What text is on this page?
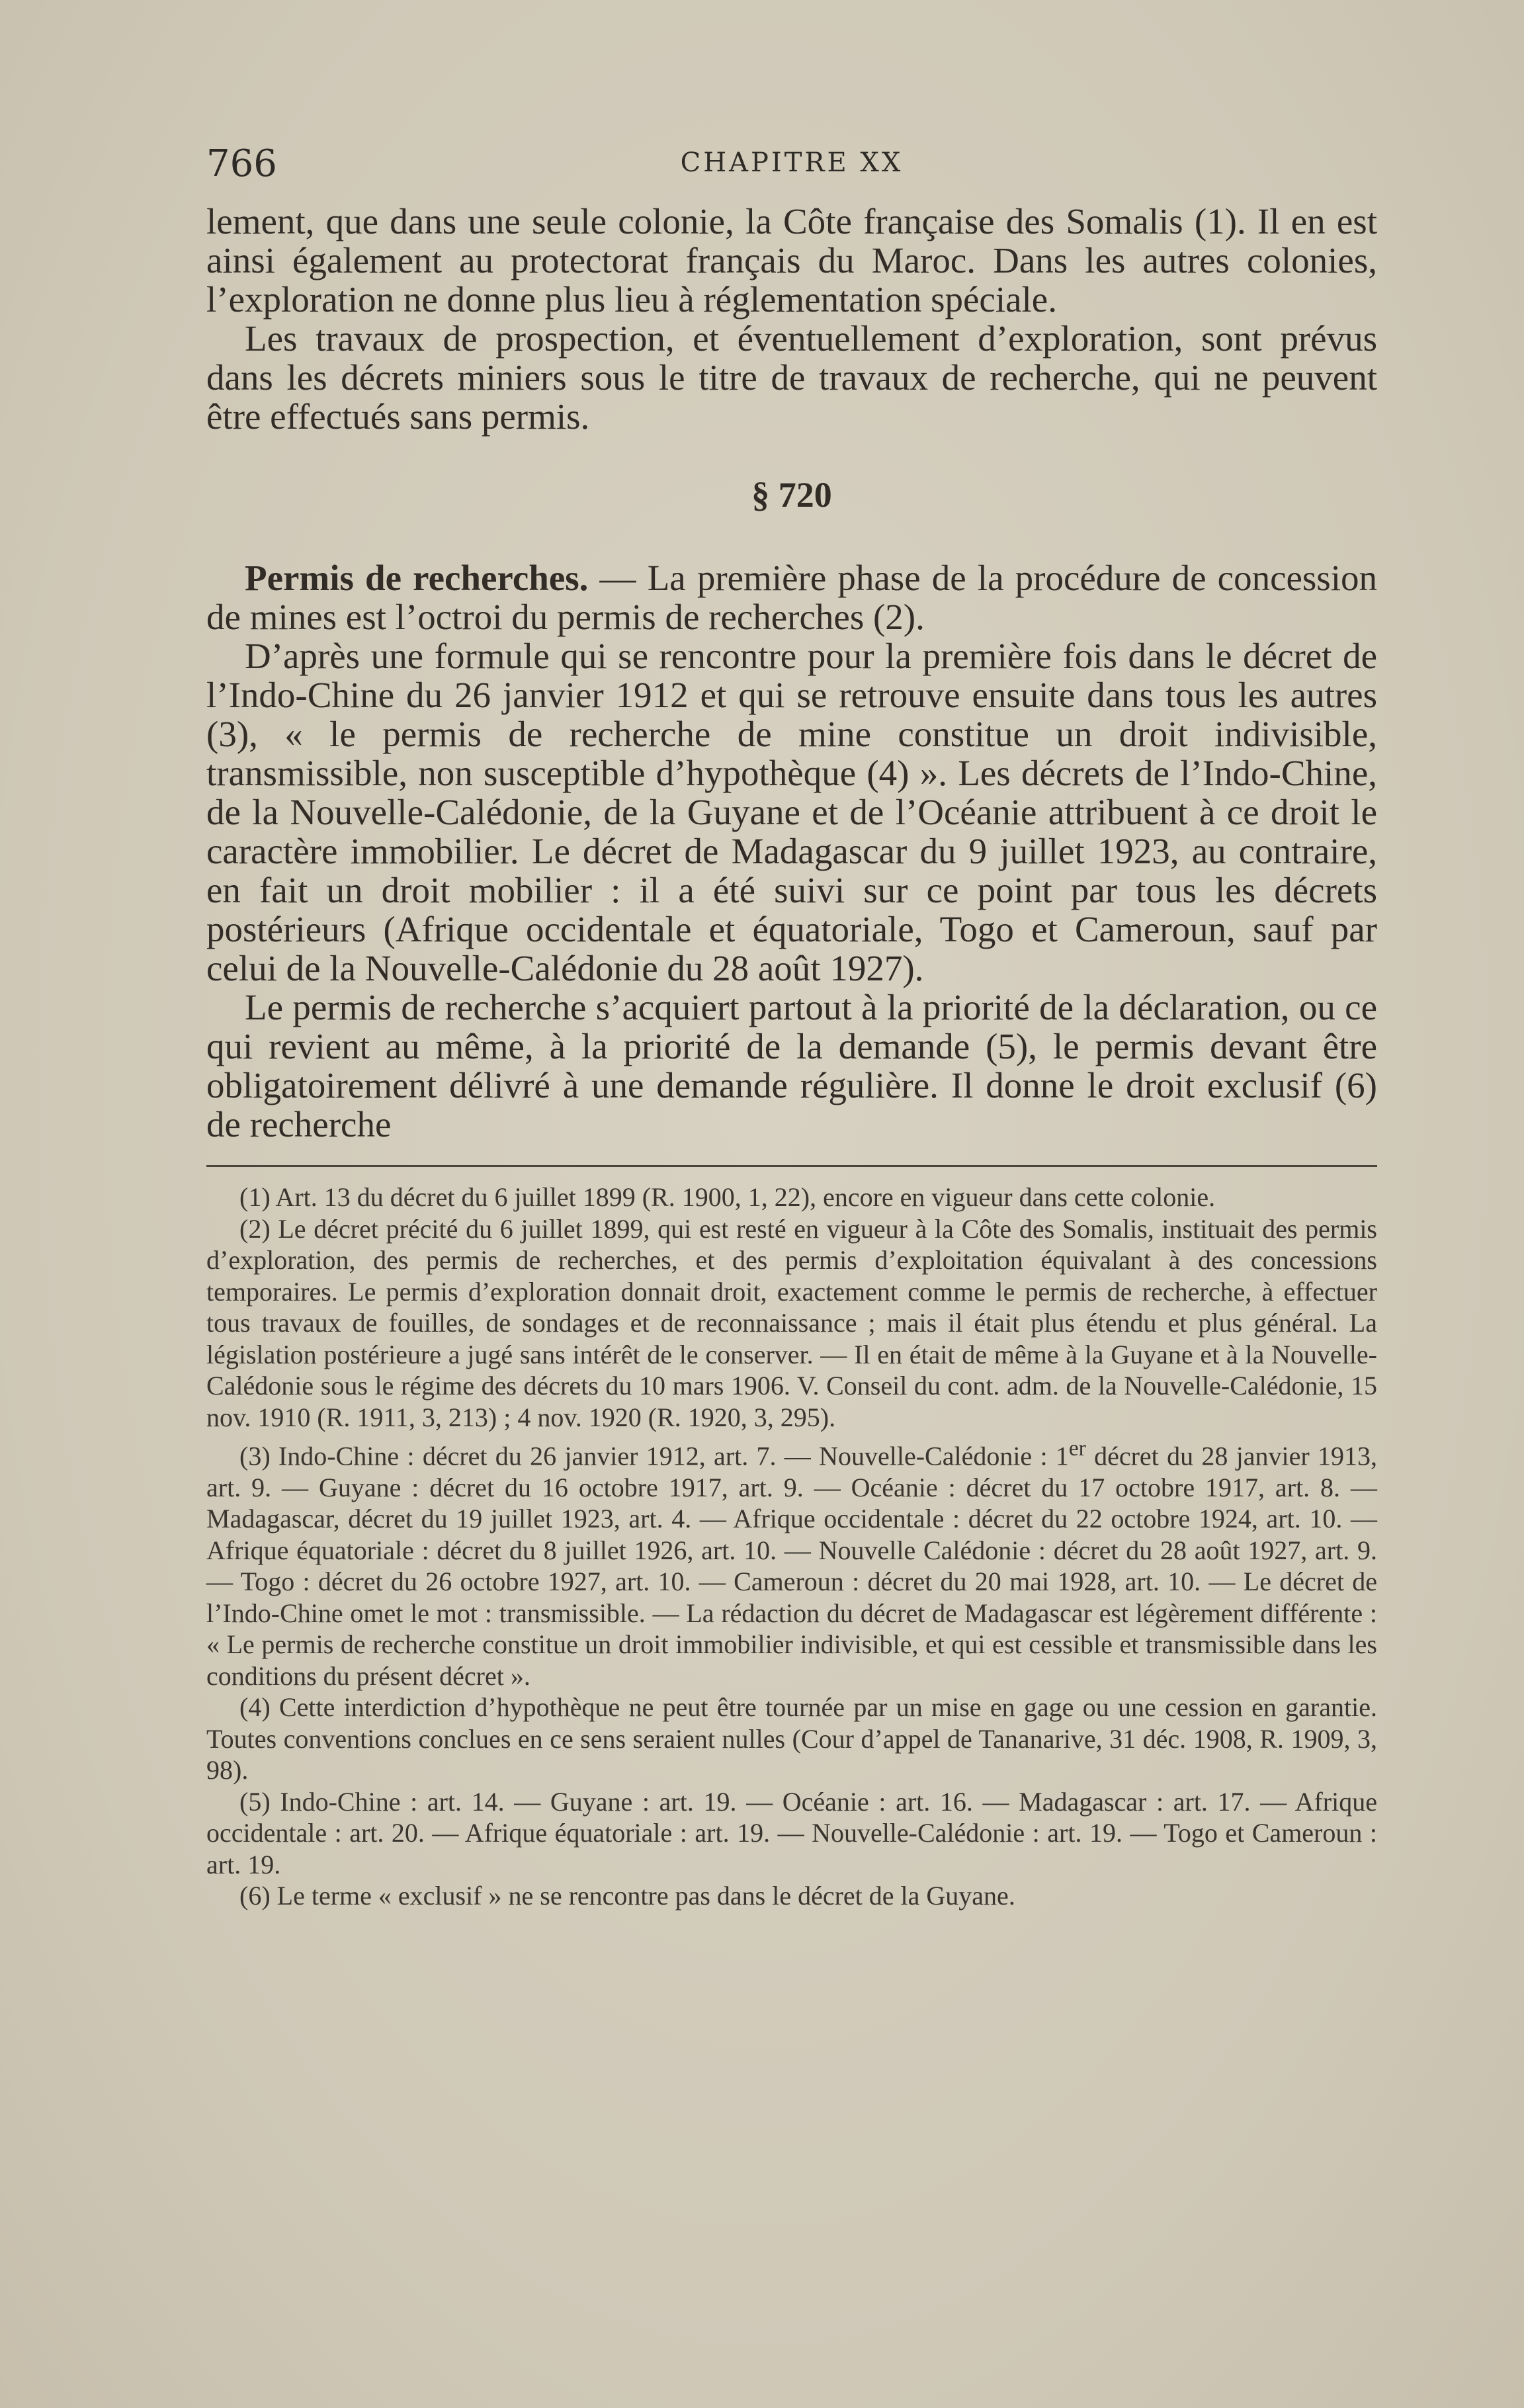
766	CHAPITRE XX

lement, que dans une seule colonie, la Côte française des Somalis (1). Il en est ainsi également au protectorat français du Maroc. Dans les autres colonies, l’exploration ne donne plus lieu à réglementation spéciale.

Les travaux de prospection, et éventuellement d’exploration, sont prévus dans les décrets miniers sous le titre de travaux de recherche, qui ne peuvent être effectués sans permis.

§ 720

Permis de recherches. — La première phase de la procédure de concession de mines est l’octroi du permis de recherches (2).

D’après une formule qui se rencontre pour la première fois dans le décret de l’Indo-Chine du 26 janvier 1912 et qui se retrouve ensuite dans tous les autres (3), « le permis de recherche de mine constitue un droit indivisible, transmissible, non susceptible d’hypothèque (4) ». Les décrets de l’Indo-Chine, de la Nouvelle-Calédonie, de la Guyane et de l’Océanie attribuent à ce droit le caractère immobilier. Le décret de Madagascar du 9 juillet 1923, au contraire, en fait un droit mobilier : il a été suivi sur ce point par tous les décrets postérieurs (Afrique occidentale et équatoriale, Togo et Cameroun, sauf par celui de la Nouvelle-Calédonie du 28 août 1927).

Le permis de recherche s’acquiert partout à la priorité de la déclaration, ou ce qui revient au même, à la priorité de la demande (5), le permis devant être obligatoirement délivré à une demande régulière. Il donne le droit exclusif (6) de recherche

(1) Art. 13 du décret du 6 juillet 1899 (R. 1900, 1, 22), encore en vigueur dans cette colonie.

(2) Le décret précité du 6 juillet 1899, qui est resté en vigueur à la Côte des Somalis, instituait des permis d’exploration, des permis de recherches, et des permis d’exploitation équivalant à des concessions temporaires. Le permis d’exploration donnait droit, exactement comme le permis de recherche, à effectuer tous travaux de fouilles, de sondages et de reconnaissance ; mais il était plus étendu et plus général. La législation postérieure a jugé sans intérêt de le conserver. — Il en était de même à la Guyane et à la Nouvelle-Calédonie sous le régime des décrets du 10 mars 1906. V. Conseil du cont. adm. de la Nouvelle-Calédonie, 15 nov. 1910 (R. 1911, 3, 213) ; 4 nov. 1920 (R. 1920, 3, 295).

(3) Indo-Chine : décret du 26 janvier 1912, art. 7. — Nouvelle-Calédonie : 1er décret du 28 janvier 1913, art. 9. — Guyane : décret du 16 octobre 1917, art. 9. — Océanie : décret du 17 octobre 1917, art. 8. — Madagascar, décret du 19 juillet 1923, art. 4. — Afrique occidentale : décret du 22 octobre 1924, art. 10. — Afrique équatoriale : décret du 8 juillet 1926, art. 10. — Nouvelle Calédonie : décret du 28 août 1927, art. 9. — Togo : décret du 26 octobre 1927, art. 10. — Cameroun : décret du 20 mai 1928, art. 10. — Le décret de l’Indo-Chine omet le mot : transmissible. — La rédaction du décret de Madagascar est légèrement différente : « Le permis de recherche constitue un droit immobilier indivisible, et qui est cessible et transmissible dans les conditions du présent décret ».

(4) Cette interdiction d’hypothèque ne peut être tournée par un mise en gage ou une cession en garantie. Toutes conventions conclues en ce sens seraient nulles (Cour d’appel de Tananarive, 31 déc. 1908, R. 1909, 3, 98).

(5) Indo-Chine : art. 14. — Guyane : art. 19. — Océanie : art. 16. — Madagascar : art. 17. — Afrique occidentale : art. 20. — Afrique équatoriale : art. 19. — Nouvelle-Calédonie : art. 19. — Togo et Cameroun : art. 19.

(6) Le terme « exclusif » ne se rencontre pas dans le décret de la Guyane.
